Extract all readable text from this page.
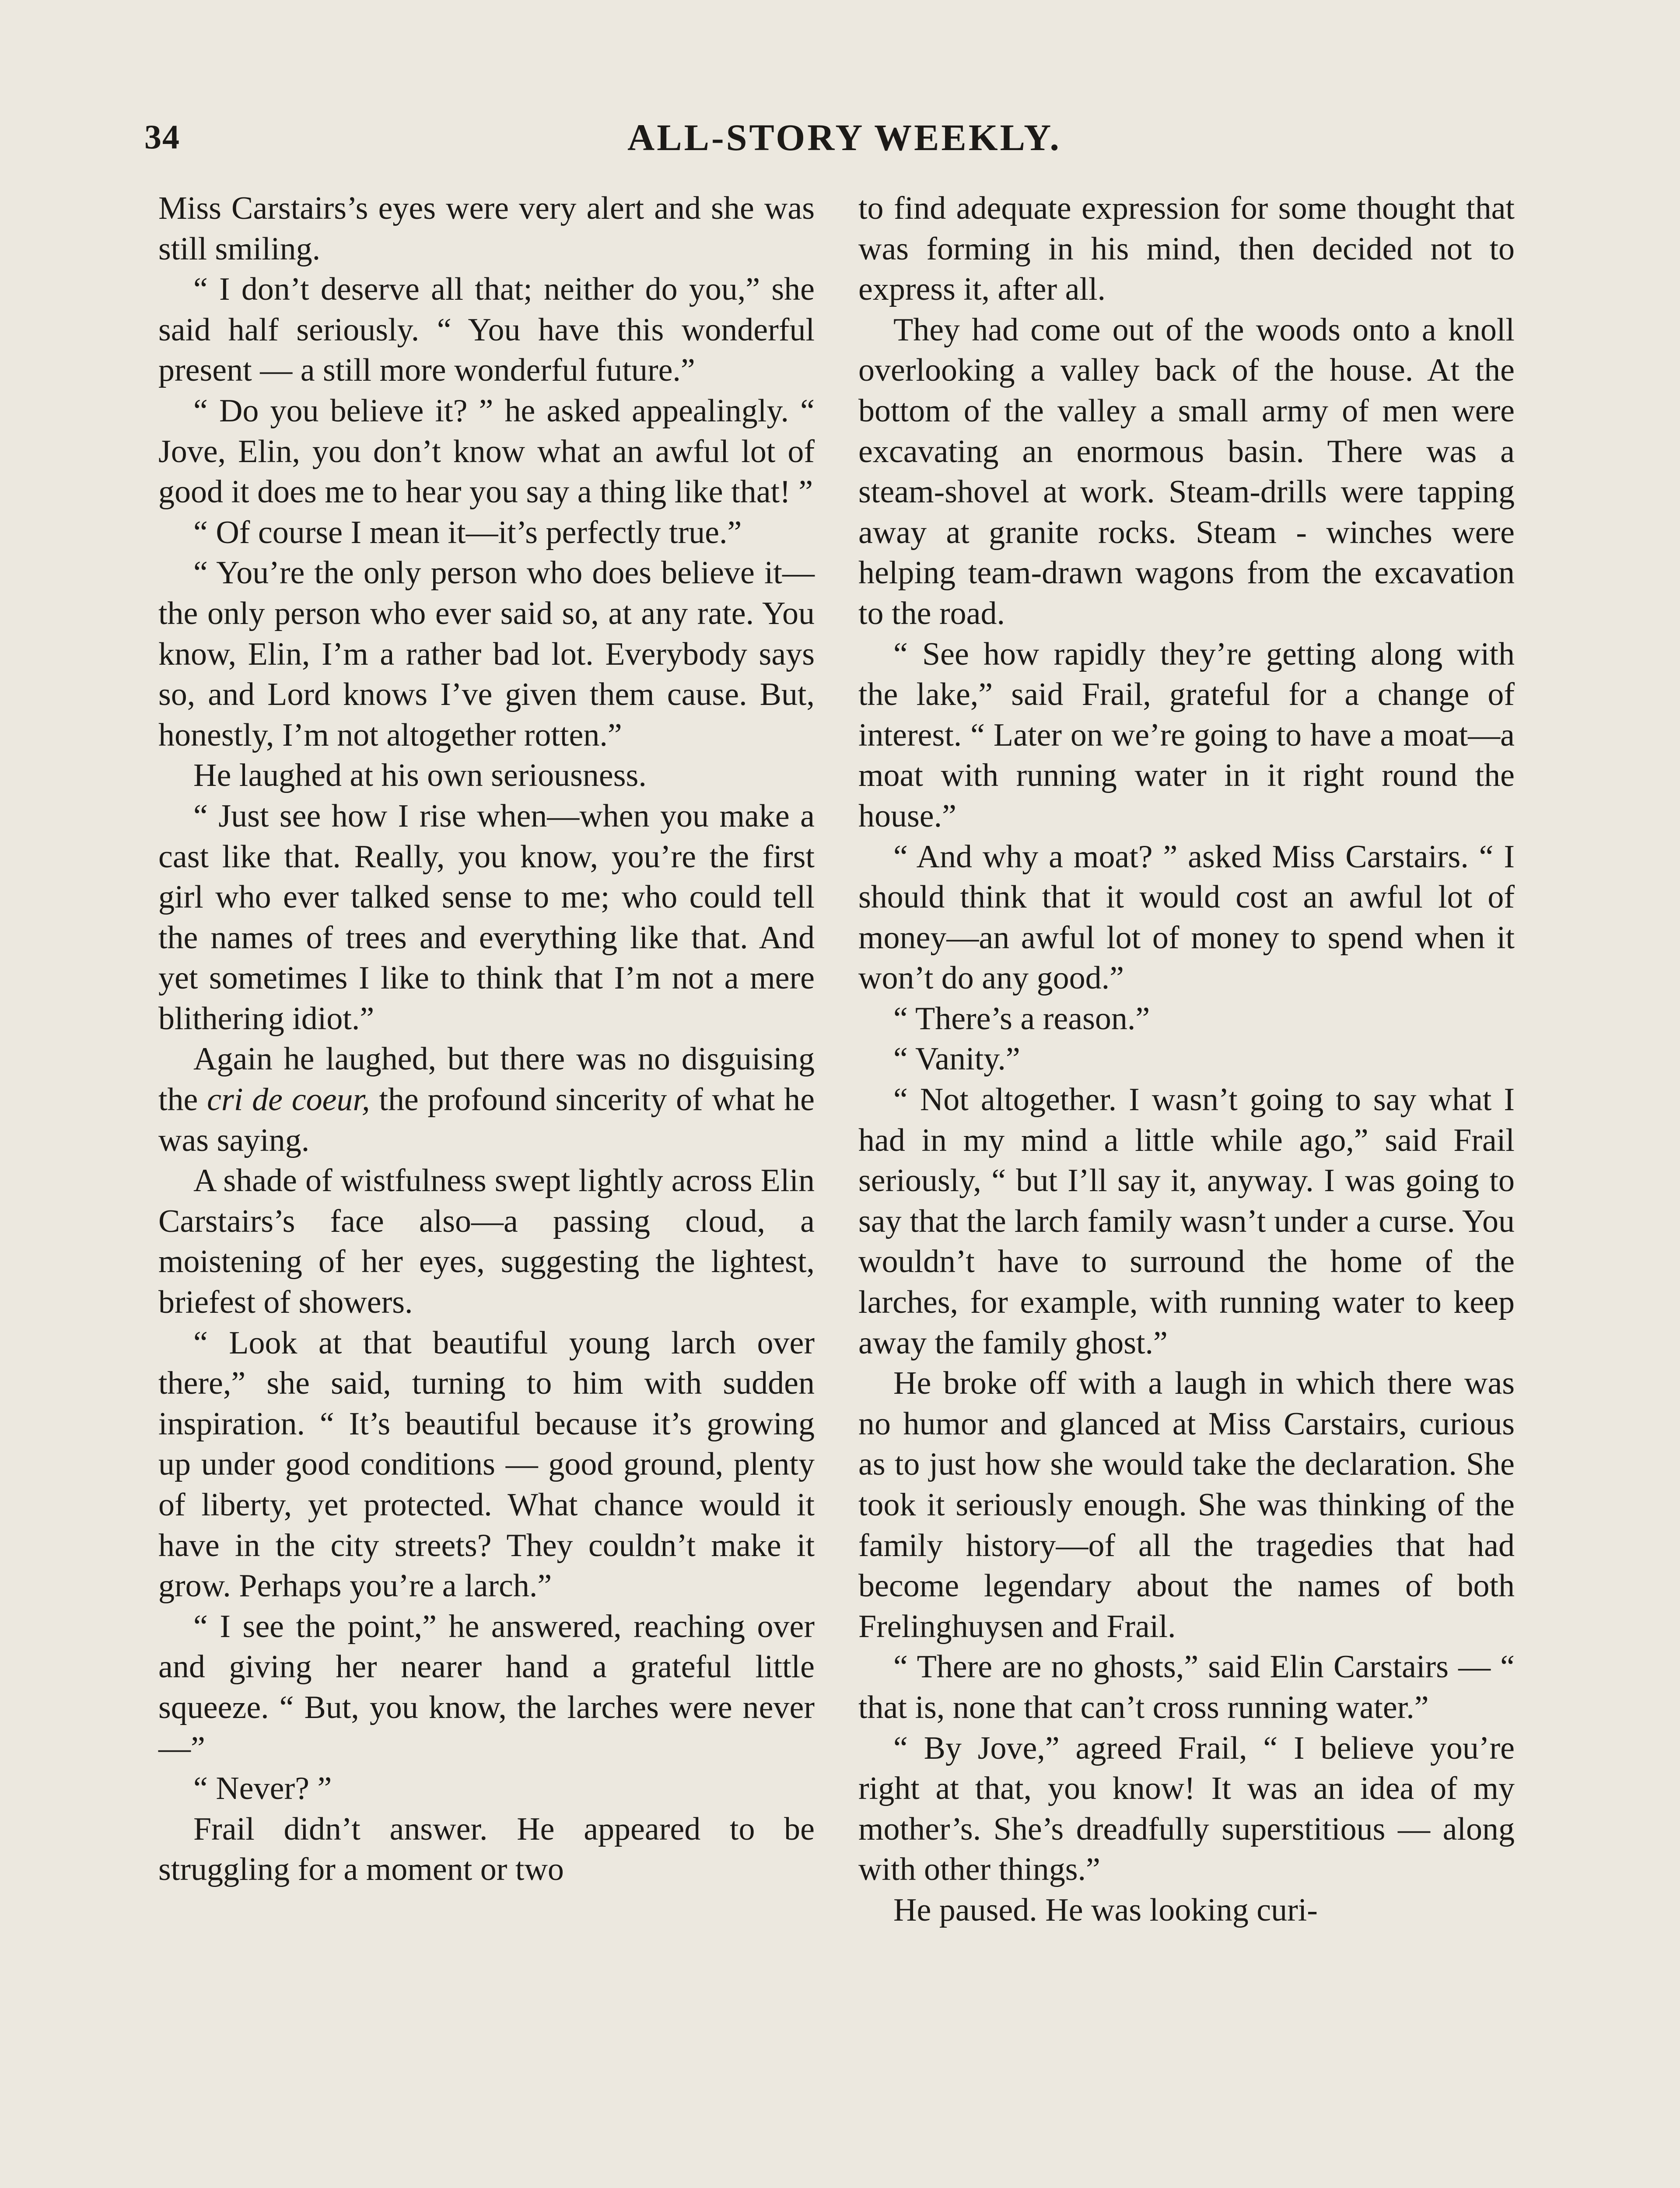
34	ALL-STORY WEEKLY.

Miss Carstairs’s eyes were very alert and she was still smiling.

“ I don’t deserve all that; neither do you,” she said half seriously. “ You have this wonderful present — a still more wonderful future.”

“ Do you believe it? ” he asked appealingly. “ Jove, Elin, you don’t know what an awful lot of good it does me to hear you say a thing like that! ”

“ Of course I mean it—it’s perfectly true.”

“ You’re the only person who does believe it—the only person who ever said so, at any rate. You know, Elin, I’m a rather bad lot. Everybody says so, and Lord knows I’ve given them cause. But, honestly, I’m not altogether rotten.”

He laughed at his own seriousness.

“ Just see how I rise when—when you make a cast like that. Really, you know, you’re the first girl who ever talked sense to me; who could tell the names of trees and everything like that. And yet sometimes I like to think that I’m not a mere blithering idiot.”

Again he laughed, but there was no disguising the cri de coeur, the profound sincerity of what he was saying.

A shade of wistfulness swept lightly across Elin Carstairs’s face also—a passing cloud, a moistening of her eyes, suggesting the lightest, briefest of showers.

“ Look at that beautiful young larch over there,” she said, turning to him with sudden inspiration. “ It’s beautiful because it’s growing up under good conditions — good ground, plenty of liberty, yet protected. What chance would it have in the city streets? They couldn’t make it grow. Perhaps you’re a larch.”

“ I see the point,” he answered, reaching over and giving her nearer hand a grateful little squeeze. “ But, you know, the larches were never—”

“ Never? ”

Frail didn’t answer. He appeared to be struggling for a moment or two

to find adequate expression for some thought that was forming in his mind, then decided not to express it, after all.

They had come out of the woods onto a knoll overlooking a valley back of the house. At the bottom of the valley a small army of men were excavating an enormous basin. There was a steam-shovel at work. Steam-drills were tapping away at granite rocks. Steam - winches were helping team-drawn wagons from the excavation to the road.

“ See how rapidly they’re getting along with the lake,” said Frail, grateful for a change of interest. “ Later on we’re going to have a moat—a moat with running water in it right round the house.”

“ And why a moat? ” asked Miss Carstairs. “ I should think that it would cost an awful lot of money—an awful lot of money to spend when it won’t do any good.”

“ There’s a reason.”

“ Vanity.”

“ Not altogether. I wasn’t going to say what I had in my mind a little while ago,” said Frail seriously, “ but I’ll say it, anyway. I was going to say that the larch family wasn’t under a curse. You wouldn’t have to surround the home of the larches, for example, with running water to keep away the family ghost.”

He broke off with a laugh in which there was no humor and glanced at Miss Carstairs, curious as to just how she would take the declaration. She took it seriously enough. She was thinking of the family history—of all the tragedies that had become legendary about the names of both Frelinghuysen and Frail.

“ There are no ghosts,” said Elin Carstairs — “ that is, none that can’t cross running water.”

“ By Jove,” agreed Frail, “ I believe you’re right at that, you know! It was an idea of my mother’s. She’s dreadfully superstitious — along with other things.”

He paused. He was looking curi-
